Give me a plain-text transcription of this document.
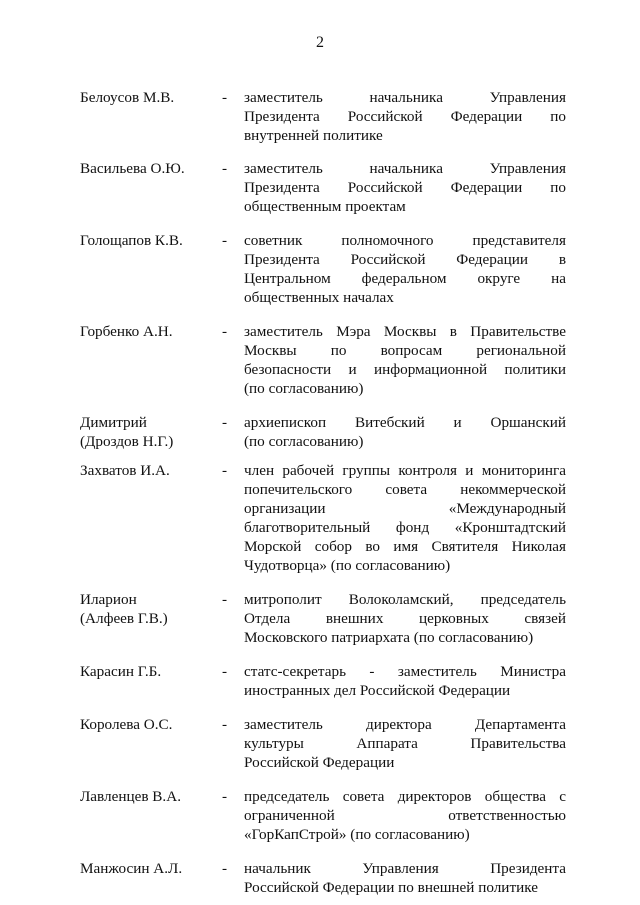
2
Белоусов М.В.	-	заместитель начальника Управления
Президента Российской Федерации по
внутренней политике
Васильева О.Ю.	-	заместитель начальника Управления
Президента Российской Федерации по
общественным проектам
Голощапов К.В.	-	советник полномочного представителя
Президента Российской Федерации в
Центральном федеральном округе на
общественных началах
Горбенко А.Н.	-	заместитель Мэра Москвы в Правительстве
Москвы по вопросам региональной
безопасности и информационной политики
(по согласованию)
Димитрий
(Дроздов Н.Г.)
-	архиепископ Витебский и Оршанский
(по согласованию)
Захватов И.А.	-	член рабочей группы контроля и мониторинга
попечительского совета некоммерческой
организации «Международный
благотворительный фонд «Кронштадтский
Морской собор во имя Святителя Николая
Чудотворца» (по согласованию)
Иларион
(Алфеев Г.В.)
-	митрополит Волоколамский, председатель
Отдела внешних церковных связей
Московского патриархата (по согласованию)
Карасин Г.Б.	-	статс-секретарь - заместитель Министра
иностранных дел Российской Федерации
Королева О.С.	-	заместитель директора Департамента
культуры Аппарата Правительства
Российской Федерации
Лавленцев В.А.	-	председатель совета директоров общества с
ограниченной ответственностью
«ГорКапСтрой» (по согласованию)
Манжосин А.Л.	-	начальник Управления Президента
Российской Федерации по внешней политике
